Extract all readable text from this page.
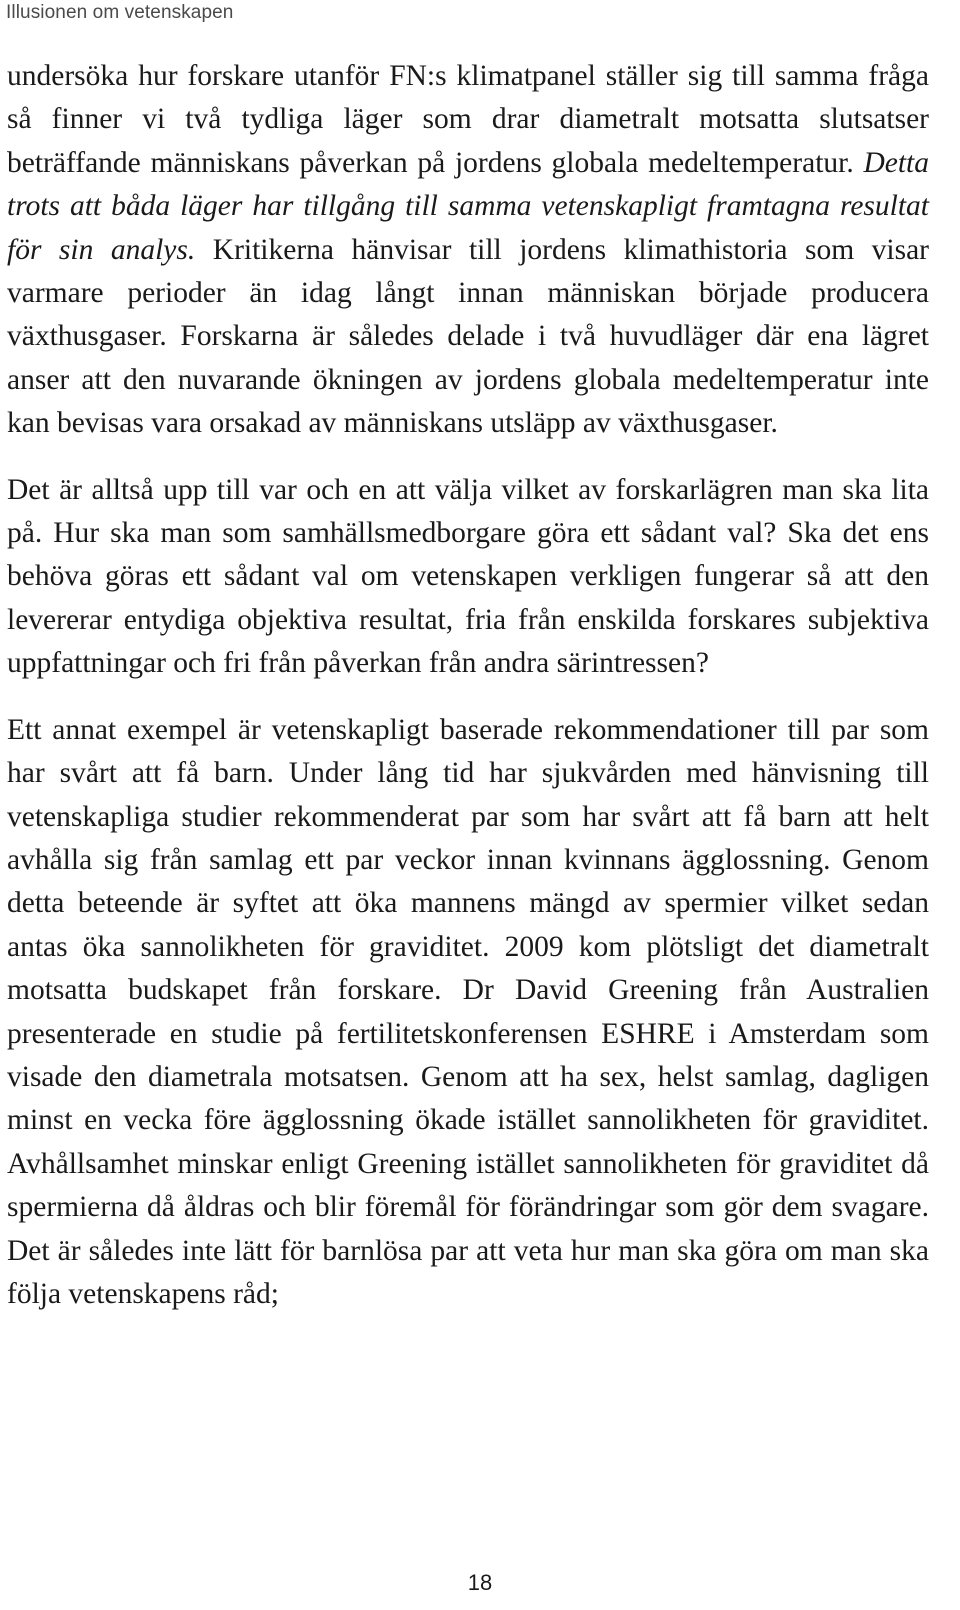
Illusionen om vetenskapen

undersöka hur forskare utanför FN:s klimatpanel ställer sig till samma fråga så finner vi två tydliga läger som drar diametralt motsatta slutsatser beträffande människans påverkan på jordens globala medeltemperatur. Detta trots att båda läger har tillgång till samma vetenskapligt framtagna resultat för sin analys. Kritikerna hänvisar till jordens klimathistoria som visar varmare perioder än idag långt innan människan började producera växthusgaser. Forskarna är således delade i två huvudläger där ena lägret anser att den nuvarande ökningen av jordens globala medeltemperatur inte kan bevisas vara orsakad av människans utsläpp av växthusgaser.

Det är alltså upp till var och en att välja vilket av forskarlägren man ska lita på. Hur ska man som samhällsmedborgare göra ett sådant val? Ska det ens behöva göras ett sådant val om vetenskapen verkligen fungerar så att den levererar entydiga objektiva resultat, fria från enskilda forskares subjektiva uppfattningar och fri från påverkan från andra särintressen?

Ett annat exempel är vetenskapligt baserade rekommendationer till par som har svårt att få barn. Under lång tid har sjukvården med hänvisning till vetenskapliga studier rekommenderat par som har svårt att få barn att helt avhålla sig från samlag ett par veckor innan kvinnans ägglossning. Genom detta beteende är syftet att öka mannens mängd av spermier vilket sedan antas öka sannolikheten för graviditet. 2009 kom plötsligt det diametralt motsatta budskapet från forskare. Dr David Greening från Australien presenterade en studie på fertilitetskonferensen ESHRE i Amsterdam som visade den diametrala motsatsen. Genom att ha sex, helst samlag, dagligen minst en vecka före ägglossning ökade istället sannolikheten för graviditet. Avhållsamhet minskar enligt Greening istället sannolikheten för graviditet då spermierna då åldras och blir föremål för förändringar som gör dem svagare. Det är således inte lätt för barnlösa par att veta hur man ska göra om man ska följa vetenskapens råd;

18
